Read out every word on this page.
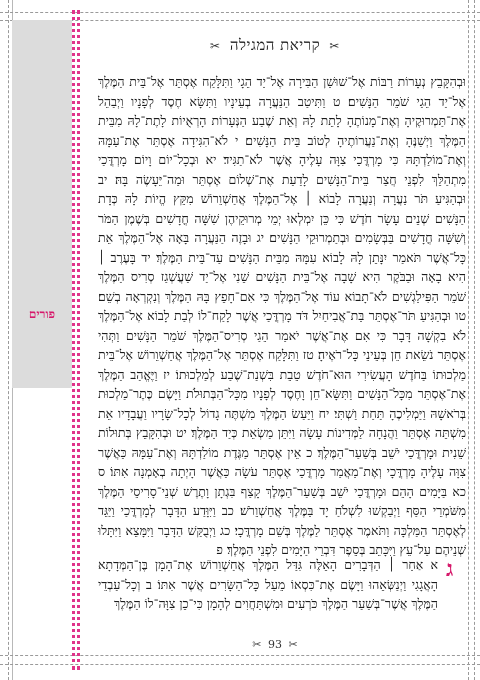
פורים
✂ קריאת המגילה ✂

וּבְהִקָּבֵץ נְעָרוֹת רַבּוֹת אֶל־שׁוּשַׁן הַבִּירָה אֶל־יַד הֵגָי וַתִּלָּקַח אֶסְתֵּר אֶל־בֵּית הַמֶּלֶךְ אֶל־יַד הֵגַי שֹׁמֵר הַנָּשִׁים׃ ט וַתִּיטַב הַנַּעֲרָה בְעֵינָיו וַתִּשָּׂא חֶסֶד לְפָנָיו וַיְבַהֵל אֶת־תַּמְרוּקֶיהָ וְאֶת־מָנוֹתֶהָ לָתֵת לָהּ וְאֵת שֶׁבַע הַנְּעָרוֹת הָרְאֻיוֹת לָתֶת־לָהּ מִבֵּית הַמֶּלֶךְ וַיְשַׁנֶּהָ וְאֶת־נַעֲרוֹתֶיהָ לְטוֹב בֵּית הַנָּשִׁים׃ י לֹא־הִגִּידָה אֶסְתֵּר אֶת־עַמָּהּ וְאֶת־מוֹלַדְתָּהּ כִּי מָרְדֳּכַי צִוָּה עָלֶיהָ אֲשֶׁר לֹא־תַגִּיד׃ יא וּבְכָל־יוֹם וָיוֹם מָרְדֳּכַי מִתְהַלֵּךְ לִפְנֵי חֲצַר בֵּית־הַנָּשִׁים לָדַעַת אֶת־שְׁלוֹם אֶסְתֵּר וּמַה־יֵּעָשֶׂה בָּהּ׃ יב וּבְהַגִּיעַ תֹּר נַעֲרָה וְנַעֲרָה לָבוֹא ׀ אֶל־הַמֶּלֶךְ אֲחַשְׁוֵרוֹשׁ מִקֵּץ הֱיוֹת לָהּ כְּדָת הַנָּשִׁים שְׁנֵים עָשָׂר חֹדֶשׁ כִּי כֵּן יִמְלְאוּ יְמֵי מְרוּקֵיהֶן שִׁשָּׁה חֳדָשִׁים בְּשֶׁמֶן הַמֹּר וְשִׁשָּׁה חֳדָשִׁים בַּבְּשָׂמִים וּבְתַמְרוּקֵי הַנָּשִׁים׃ יג וּבָזֶה הַנַּעֲרָה בָּאָה אֶל־הַמֶּלֶךְ אֵת כָּל־אֲשֶׁר תֹּאמַר יִנָּתֵן לָהּ לָבוֹא עִמָּהּ מִבֵּית הַנָּשִׁים עַד־בֵּית הַמֶּלֶךְ׃ יד בָּעֶרֶב ׀ הִיא בָאָה וּבַבֹּקֶר הִיא שָׁבָה אֶל־בֵּית הַנָּשִׁים שֵׁנִי אֶל־יַד שַׁעֲשְׁגַז סְרִיס הַמֶּלֶךְ שֹׁמֵר הַפִּילַגְשִׁים לֹא־תָבוֹא עוֹד אֶל־הַמֶּלֶךְ כִּי אִם־חָפֵץ בָּהּ הַמֶּלֶךְ וְנִקְרְאָה בְשֵׁם׃ טו וּבְהַגִּיעַ תֹּר־אֶסְתֵּר בַּת־אֲבִיחַיִל דֹּד מָרְדֳּכַי אֲשֶׁר לָקַח־לוֹ לְבַת לָבוֹא אֶל־הַמֶּלֶךְ לֹא בִקְשָׁה דָּבָר כִּי אִם אֶת־אֲשֶׁר יֹאמַר הֵגַי סְרִיס־הַמֶּלֶךְ שֹׁמֵר הַנָּשִׁים וַתְּהִי אֶסְתֵּר נֹשֵׂאת חֵן בְּעֵינֵי כָּל־רֹאֶיהָ׃ טז וַתִּלָּקַח אֶסְתֵּר אֶל־הַמֶּלֶךְ אֲחַשְׁוֵרוֹשׁ אֶל־בֵּית מַלְכוּתוֹ בַּחֹדֶשׁ הָעֲשִׂירִי הוּא־חֹדֶשׁ טֵבֵת בִּשְׁנַת־שֶׁבַע לְמַלְכוּתוֹ׃ יז וַיֶּאֱהַב הַמֶּלֶךְ אֶת־אֶסְתֵּר מִכָּל־הַנָּשִׁים וַתִּשָּׂא־חֵן וָחֶסֶד לְפָנָיו מִכָּל־הַבְּתוּלֹת וַיָּשֶׂם כֶּתֶר־מַלְכוּת בְּרֹאשָׁהּ וַיַּמְלִיכֶהָ תַּחַת וַשְׁתִּי׃ יח וַיַּעַשׂ הַמֶּלֶךְ מִשְׁתֶּה גָדוֹל לְכָל־שָׂרָיו וַעֲבָדָיו אֵת מִשְׁתֵּה אֶסְתֵּר וַהֲנָחָה לַמְּדִינוֹת עָשָׂה וַיִּתֵּן מַשְׂאֵת כְּיַד הַמֶּלֶךְ׃ יט וּבְהִקָּבֵץ בְּתוּלוֹת שֵׁנִית וּמָרְדֳּכַי יֹשֵׁב בְּשַׁעַר־הַמֶּלֶךְ׃ כ אֵין אֶסְתֵּר מַגֶּדֶת מוֹלַדְתָּהּ וְאֶת־עַמָּהּ כַּאֲשֶׁר צִוָּה עָלֶיהָ מָרְדֳּכָי וְאֶת־מַאֲמַר מָרְדֳּכַי אֶסְתֵּר עֹשָׂה כַּאֲשֶׁר הָיְתָה בְאָמְנָה אִתּוֹ׃ ס כא בַּיָּמִים הָהֵם וּמָרְדֳּכַי יֹשֵׁב בְּשַׁעַר־הַמֶּלֶךְ קָצַף בִּגְתָן וָתֶרֶשׁ שְׁנֵי־סָרִיסֵי הַמֶּלֶךְ מִשֹּׁמְרֵי הַסַּף וַיְבַקְשׁוּ לִשְׁלֹחַ יָד בַּמֶּלֶךְ אֲחַשְׁוֵרֹשׁ׃ כב וַיִּוָּדַע הַדָּבָר לְמָרְדֳּכַי וַיַּגֵּד לְאֶסְתֵּר הַמַּלְכָּה וַתֹּאמֶר אֶסְתֵּר לַמֶּלֶךְ בְּשֵׁם מָרְדֳּכָי׃ כג וַיְבֻקַּשׁ הַדָּבָר וַיִּמָּצֵא וַיִּתָּלוּ שְׁנֵיהֶם עַל־עֵץ וַיִּכָּתֵב בְּסֵפֶר דִּבְרֵי הַיָּמִים לִפְנֵי הַמֶּלֶךְ׃ פ

ג

א אַחַר ׀ הַדְּבָרִים הָאֵלֶּה גִּדַּל הַמֶּלֶךְ אֲחַשְׁוֵרוֹשׁ אֶת־הָמָן בֶּן־הַמְּדָתָא הָאֲגָגִי וַיְנַשְּׂאֵהוּ וַיָּשֶׂם אֶת־כִּסְאוֹ מֵעַל כָּל־הַשָּׂרִים אֲשֶׁר אִתּוֹ׃ ב וְכָל־עַבְדֵי הַמֶּלֶךְ אֲשֶׁר־בְּשַׁעַר הַמֶּלֶךְ כֹּרְעִים וּמִשְׁתַּחֲוִים לְהָמָן כִּי־כֵן צִוָּה־לוֹ הַמֶּלֶךְ

✂ 93 ✂
